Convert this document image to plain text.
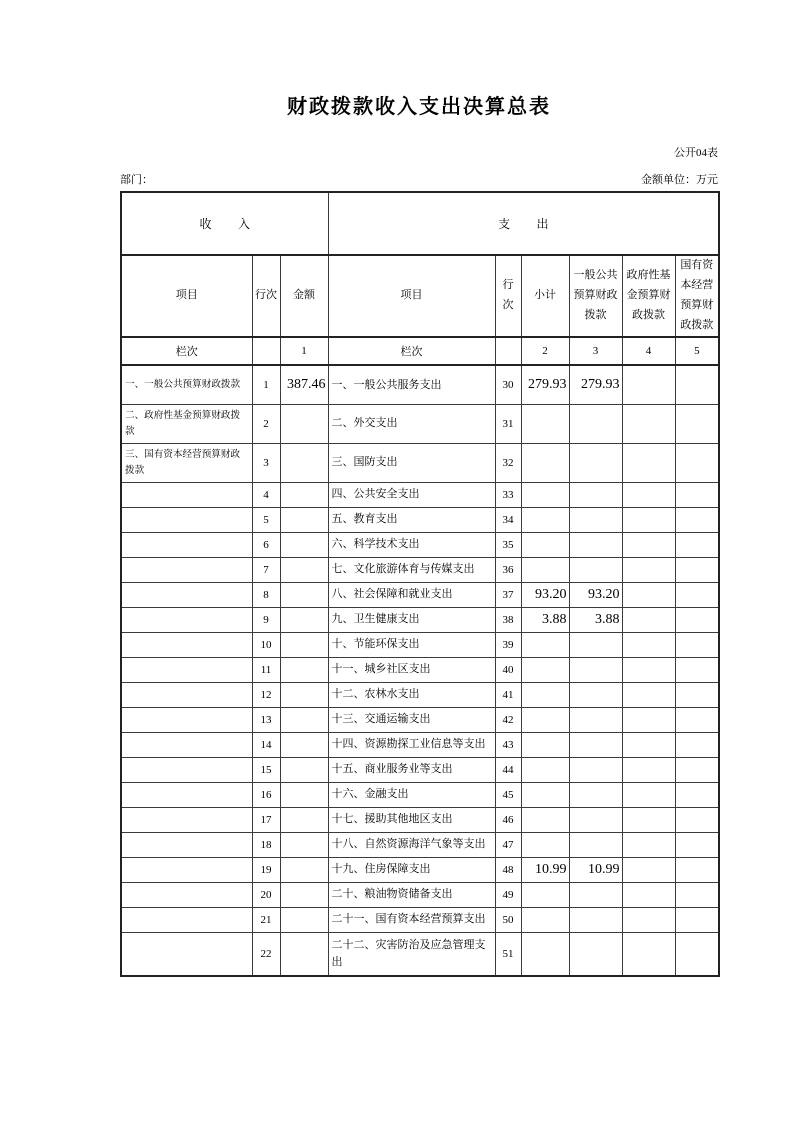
财政拨款收入支出决算总表
公开04表
部门：	金额单位：万元
收入			支出					
项目	行次	金额	项目	行次	小计	一般公共预算财政拨款	政府性基金预算财政拨款	国有资本经营预算财政拨款
栏次		1	栏次		2	3	4	5
一、一般公共预算财政拨款	1	387.46	一、一般公共服务支出	30	279.93	279.93		
二、政府性基金预算财政拨款	2		二、外交支出	31				
三、国有资本经营预算财政拨款	3		三、国防支出	32				
	4		四、公共安全支出	33				
	5		五、教育支出	34				
	6		六、科学技术支出	35				
	7		七、文化旅游体育与传媒支出	36				
	8		八、社会保障和就业支出	37	93.20	93.20		
	9		九、卫生健康支出	38	3.88	3.88		
	10		十、节能环保支出	39				
	11		十一、城乡社区支出	40				
	12		十二、农林水支出	41				
	13		十三、交通运输支出	42				
	14		十四、资源勘探工业信息等支出	43				
	15		十五、商业服务业等支出	44				
	16		十六、金融支出	45				
	17		十七、援助其他地区支出	46				
	18		十八、自然资源海洋气象等支出	47				
	19		十九、住房保障支出	48	10.99	10.99		
	20		二十、粮油物资储备支出	49				
	21		二十一、国有资本经营预算支出	50				
	22		二十二、灾害防治及应急管理支出	51				
